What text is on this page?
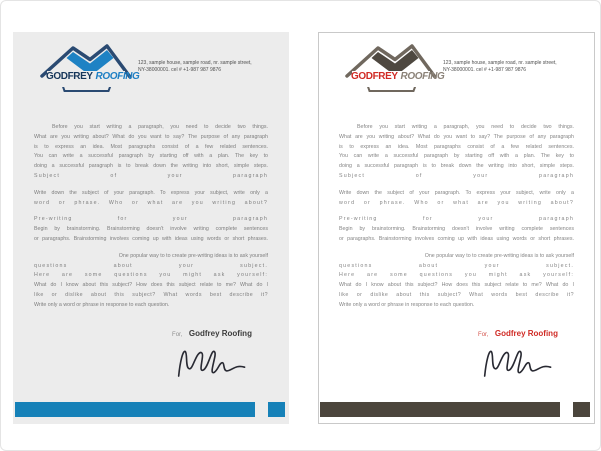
GODFREY ROOFING
123, sample house, sample road, nr. sample street,
NY-38000001. cel # +1-987 987 9876
Before you start writing a paragraph, you need to decide two things.
What are you writing about? What do you want to say? The purpose of any paragraph
is to express an idea. Most paragraphs consist of a few related sentences.
You can write a successful paragraph by starting off with a plan. The key to
doing a successful paragraph is to break down the writing into short, simple steps.
Subject of your paragraph
Write down the subject of your paragraph. To express your subject, write only a
word or phrase. Who or what are you writing about?
Pre-writing for your paragraph
Begin by brainstorming. Brainstorming doesn't involve writing complete sentences
or paragraphs. Brainstorming involves coming up with ideas using words or short phrases.
One popular way to to create pre-writing ideas is to ask yourself
questions about your subject.
Here are some questions you might ask yourself:
What do I know about this subject? How does this subject relate to me? What do I
like or dislike about this subject? What words best describe it?
Write only a word or phrase in response to each question.
For, Godfrey Roofing
GODFREY ROOFING
123, sample house, sample road, nr. sample street,
NY-38000001. cel # +1-987 987 9876
Before you start writing a paragraph, you need to decide two things.
What are you writing about? What do you want to say? The purpose of any paragraph
is to express an idea. Most paragraphs consist of a few related sentences.
You can write a successful paragraph by starting off with a plan. The key to
doing a successful paragraph is to break down the writing into short, simple steps.
Subject of your paragraph
Write down the subject of your paragraph. To express your subject, write only a
word or phrase. Who or what are you writing about?
Pre-writing for your paragraph
Begin by brainstorming. Brainstorming doesn't involve writing complete sentences
or paragraphs. Brainstorming involves coming up with ideas using words or short phrases.
One popular way to to create pre-writing ideas is to ask yourself
questions about your subject.
Here are some questions you might ask yourself:
What do I know about this subject? How does this subject relate to me? What do I
like or dislike about this subject? What words best describe it?
Write only a word or phrase in response to each question.
For, Godfrey Roofing
